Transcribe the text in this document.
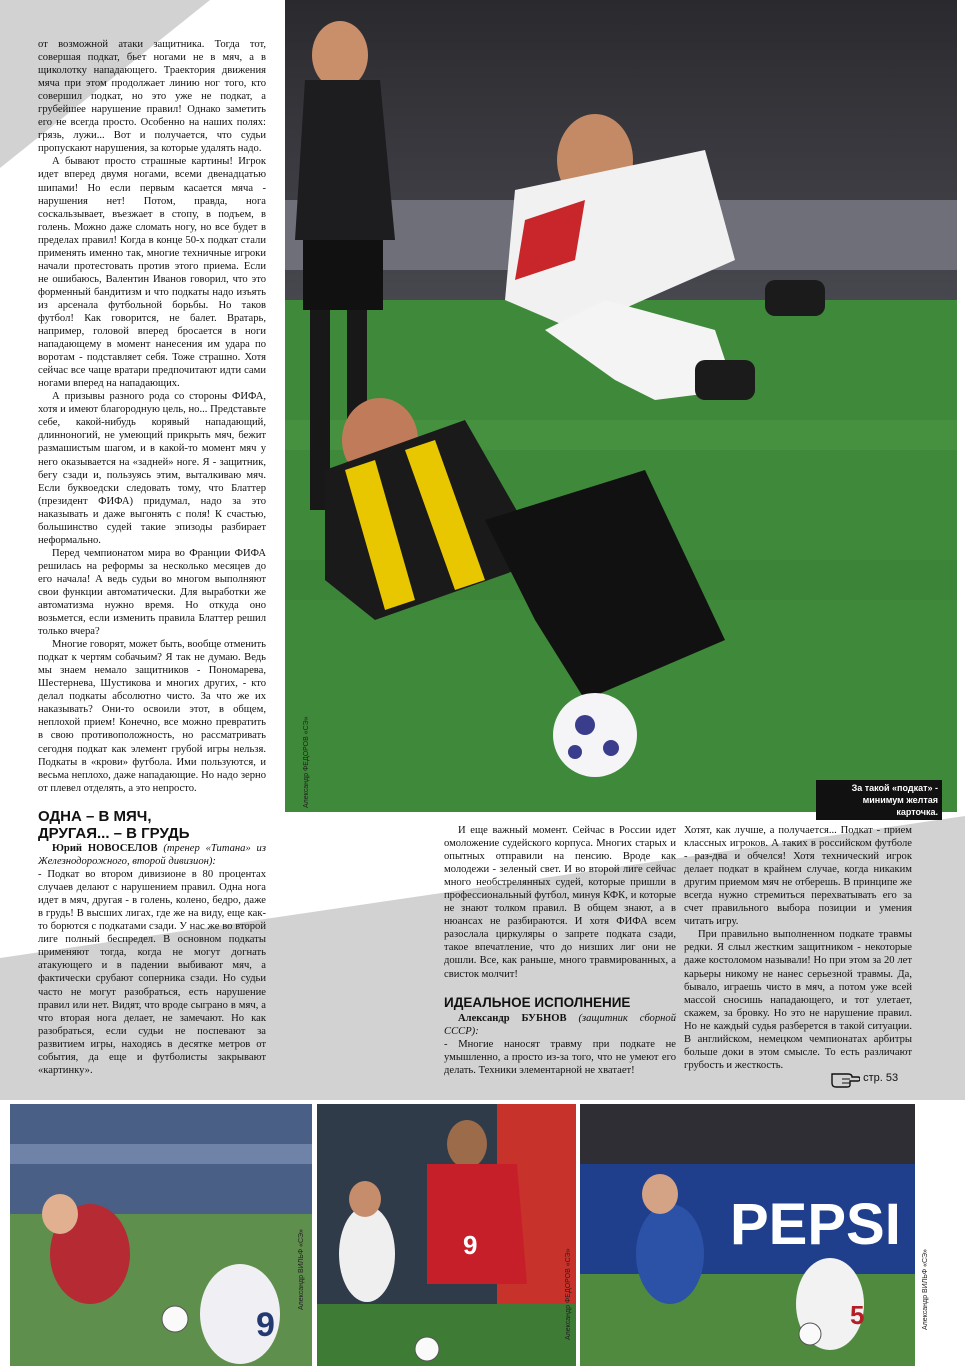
от возможной атаки защитника. Тогда тот, совершая подкат, бьет ногами не в мяч, а в щиколотку нападающего. Траектория движения мяча при этом продолжает линию ног того, кто совершил подкат, но это уже не подкат, а грубейшее нарушение правил! Однако заметить его не всегда просто. Особенно на наших полях: грязь, лужи... Вот и получается, что судьи пропускают нарушения, за которые удалять надо.

А бывают просто страшные картины! Игрок идет вперед двумя ногами, всеми двенадцатью шипами! Но если первым касается мяча - нарушения нет! Потом, правда, нога соскальзывает, въезжает в стопу, в подъем, в голень. Можно даже сломать ногу, но все будет в пределах правил! Когда в конце 50-х подкат стали применять именно так, многие техничные игроки начали протестовать против этого приема. Если не ошибаюсь, Валентин Иванов говорил, что это форменный бандитизм и что подкаты надо изъять из арсенала футбольной борьбы. Но таков футбол! Как говорится, не балет. Вратарь, например, головой вперед бросается в ноги нападающему в момент нанесения им удара по воротам - подставляет себя. Тоже страшно. Хотя сейчас все чаще вратари предпочитают идти сами ногами вперед на нападающих.

А призывы разного рода со стороны ФИФА, хотя и имеют благородную цель, но... Представьте себе, какой-нибудь корявый нападающий, длинноногий, не умеющий прикрыть мяч, бежит размашистым шагом, и в какой-то момент мяч у него оказывается на «задней» ноге. Я - защитник, бегу сзади и, пользуясь этим, выталкиваю мяч. Если буквоедски следовать тому, что Блаттер (президент ФИФА) придумал, надо за это наказывать и даже выгонять с поля! К счастью, большинство судей такие эпизоды разбирает неформально.

Перед чемпионатом мира во Франции ФИФА решилась на реформы за несколько месяцев до его начала! А ведь судьи во многом выполняют свои функции автоматически. Для выработки же автоматизма нужно время. Но откуда оно возьмется, если изменить правила Блаттер решил только вчера?

Многие говорят, может быть, вообще отменить подкат к чертям собачьим? Я так не думаю. Ведь мы знаем немало защитников - Пономарева, Шестернева, Шустикова и многих других, - кто делал подкаты абсолютно чисто. За что же их наказывать? Они-то освоили этот, в общем, неплохой прием! Конечно, все можно превратить в свою противоположность, но рассматривать сегодня подкат как элемент грубой игры нельзя. Подкаты в «крови» футбола. Ими пользуются, и весьма неплохо, даже нападающие. Но надо зерно от плевел отделять, а это непросто.	Александр ФЕДОРОВ «СЭ»	За такой «подкат» -
минимум желтая карточка.
ОДНА – В МЯЧ,
ДРУГАЯ... – В ГРУДЬ

Юрий НОВОСЕЛОВ (тренер «Титана» из Железнодорожного, второй дивизион):

- Подкат во втором дивизионе в 80 процентах случаев делают с нарушением правил. Одна нога идет в мяч, другая - в голень, колено, бедро, даже в грудь! В высших лигах, где же на виду, еще как-то борются с подкатами сзади. У нас же во второй лиге полный беспредел. В основном подкаты применяют тогда, когда не могут догнать атакующего и в падении выбивают мяч, а фактически срубают соперника сзади. Но судьи часто не могут разобраться, есть нарушение правил или нет. Видят, что вроде сыграно в мяч, а что вторая нога делает, не замечают. Но как разобраться, если судьи не поспевают за развитием игры, находясь в десятке метров от события, да еще и футболисты закрывают «картинку».

И еще важный момент. Сейчас в России идет омоложение судейского корпуса. Многих старых и опытных отправили на пенсию. Вроде как молодежи - зеленый свет. И во второй лиге сейчас много необстрелянных судей, которые пришли в профессиональный футбол, минуя КФК, и которые не знают толком правил. В общем знают, а в нюансах не разбираются. И хотя ФИФА всем разослала циркуляры о запрете подката сзади, такое впечатление, что до низших лиг они не дошли. Все, как раньше, много травмированных, а свисток молчит!

ИДЕАЛЬНОЕ ИСПОЛНЕНИЕ

Александр БУБНОВ (защитник сборной СССР):

- Многие наносят травму при подкате не умышленно, а просто из-за того, что не умеют его делать. Техники элементарной не хватает!

Хотят, как лучше, а получается... Подкат - прием классных игроков. А таких в российском футболе - раз-два и обчелся! Хотя технический игрок делает подкат в крайнем случае, когда никаким другим приемом мяч не отберешь. В принципе же всегда нужно стремиться перехватывать его за счет правильного выбора позиции и умения читать игру.

При правильно выполненном подкате травмы редки. Я слыл жестким защитником - некоторые даже костоломом называли! Но при этом за 20 лет карьеры никому не нанес серьезной травмы. Да, бывало, играешь чисто в мяч, а потом уже всей массой сносишь нападающего, и тот улетает, скажем, за бровку. Но это не нарушение правил. Но не каждый судья разберется в такой ситуации. В английском, немецком чемпионатах арбитры больше доки в этом смысле. То есть различают грубость и жесткость.

стр. 53
9
Александр ВИЛЬФ «СЭ»	9
Александр ФЕДОРОВ «СЭ»
PEPSI
5	Александр ВИЛЬФ «СЭ»
